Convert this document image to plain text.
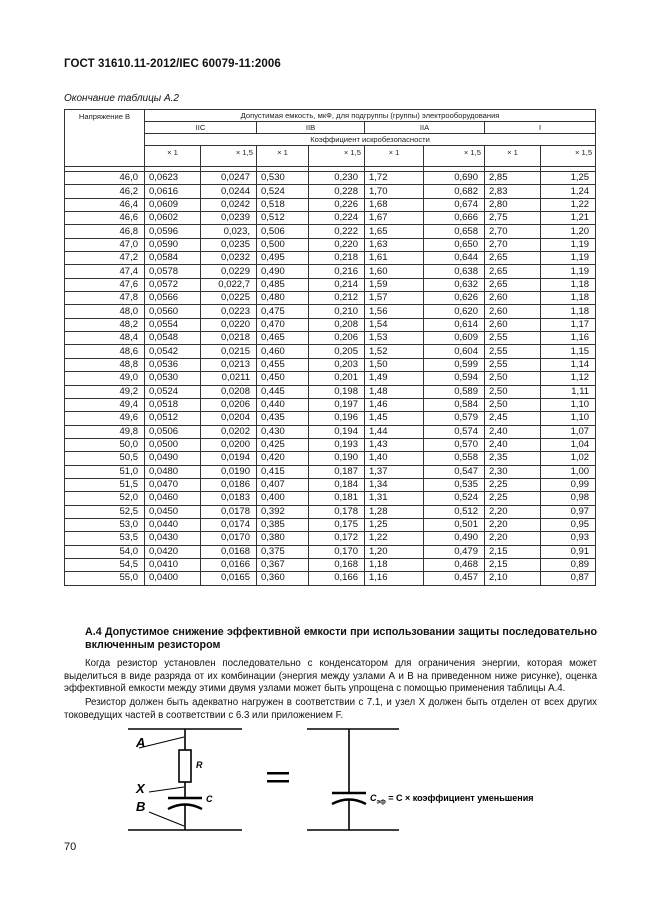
ГОСТ 31610.11-2012/IEC 60079-11:2006
Окончание таблицы А.2
Напряжение В	Допустимая емкость, мкФ, для подгруппы (группы) электрооборудования							
	IIC		IIB		IIA		I	
	Коэффициент искробезопасности							
	× 1	× 1,5	× 1	× 1,5	× 1	× 1,5	× 1	× 1,5

46,0	0,0623	0,0247	0,530	0,230	1,72	0,690	2,85	1,25
46,2	0,0616	0,0244	0,524	0,228	1,70	0,682	2,83	1,24
46,4	0,0609	0,0242	0,518	0,226	1,68	0,674	2,80	1,22
46,6	0,0602	0,0239	0,512	0,224	1,67	0,666	2,75	1,21
46,8	0,0596	0,023,	0,506	0,222	1,65	0,658	2,70	1,20
47,0	0,0590	0,0235	0,500	0,220	1,63	0,650	2,70	1,19
47,2	0,0584	0,0232	0,495	0,218	1,61	0,644	2,65	1,19
47,4	0,0578	0,0229	0,490	0,216	1,60	0,638	2,65	1,19
47,6	0,0572	0,022,7	0,485	0,214	1,59	0,632	2,65	1,18
47,8	0,0566	0,0225	0,480	0,212	1,57	0,626	2,60	1,18
48,0	0,0560	0,0223	0,475	0,210	1,56	0,620	2,60	1,18
48,2	0,0554	0,0220	0,470	0,208	1,54	0,614	2,60	1,17
48,4	0,0548	0,0218	0,465	0,206	1,53	0,609	2,55	1,16
48,6	0,0542	0,0215	0,460	0,205	1,52	0,604	2,55	1,15
48,8	0,0536	0,0213	0,455	0,203	1,50	0,599	2,55	1,14
49,0	0,0530	0,0211	0,450	0,201	1,49	0,594	2,50	1,12
49,2	0,0524	0,0208	0,445	0,198	1,48	0,589	2,50	1,11
49,4	0,0518	0,0206	0,440	0,197	1,46	0,584	2,50	1,10
49,6	0,0512	0,0204	0,435	0,196	1,45	0,579	2,45	1,10
49,8	0,0506	0,0202	0,430	0,194	1,44	0,574	2,40	1,07
50,0	0,0500	0,0200	0,425	0,193	1,43	0,570	2,40	1,04
50,5	0,0490	0,0194	0,420	0,190	1,40	0,558	2,35	1,02
51,0	0,0480	0,0190	0,415	0,187	1,37	0,547	2,30	1,00
51,5	0,0470	0,0186	0,407	0,184	1,34	0,535	2,25	0,99
52,0	0,0460	0,0183	0,400	0,181	1,31	0,524	2,25	0,98
52,5	0,0450	0,0178	0,392	0,178	1,28	0,512	2,20	0,97
53,0	0,0440	0,0174	0,385	0,175	1,25	0,501	2,20	0,95
53,5	0,0430	0,0170	0,380	0,172	1,22	0,490	2,20	0,93
54,0	0,0420	0,0168	0,375	0,170	1,20	0,479	2,15	0,91
54,5	0,0410	0,0166	0,367	0,168	1,18	0,468	2,15	0,89
55,0	0,0400	0,0165	0,360	0,166	1,16	0,457	2,10	0,87
А.4 Допустимое снижение эффективной емкости при использовании защиты последовательно включенным резистором
Когда резистор установлен последовательно с конденсатором для ограничения энергии, которая может выделиться в виде разряда от их комбинации (энергия между узлами А и В на приведенном ниже рисунке), оценка эффективной емкости между этими двумя узлами может быть упрощена с помощью применения таблицы А.4.
Резистор должен быть адекватно нагружен в соответствии с 7.1, и узел X должен быть отделен от всех других токоведущих частей в соответствии с 6.3 или приложением F.
A
X
B
R
C	$C_{эф} = C$ × коэффициент уменьшения
70
